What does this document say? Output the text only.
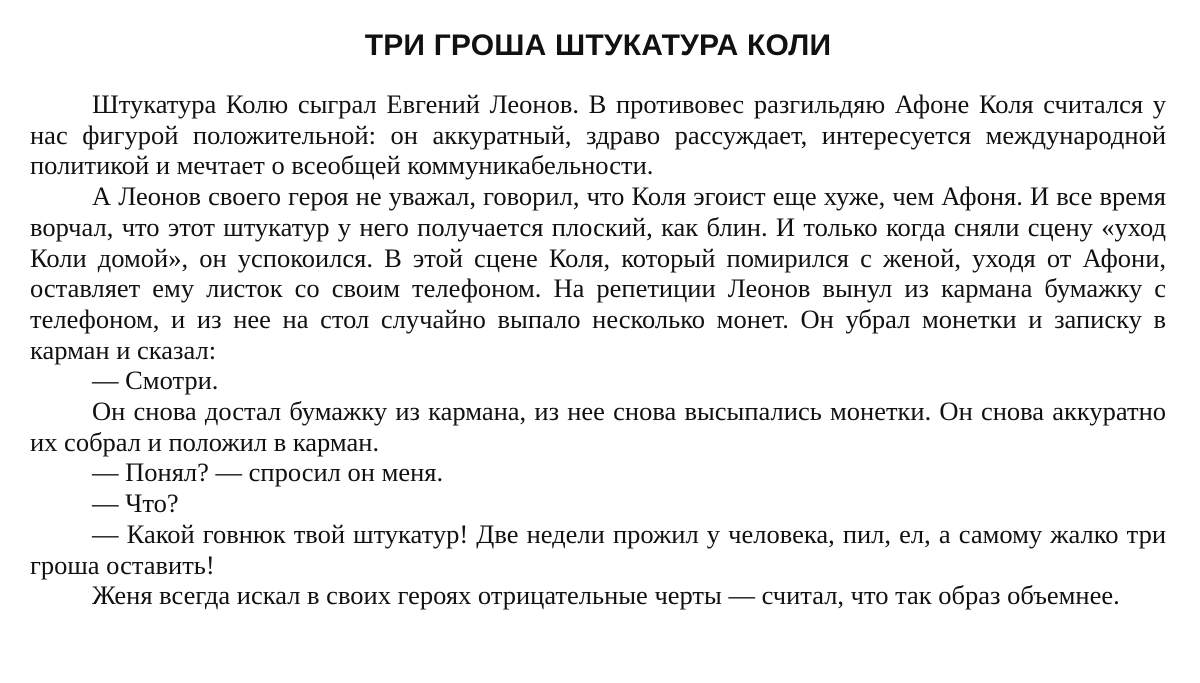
ТРИ ГРОША ШТУКАТУРА КОЛИ

Штукатура Колю сыграл Евгений Леонов. В противовес разгильдяю Афоне Коля считался у нас фигурой положительной: он аккуратный, здраво рассуждает, интересуется международной политикой и мечтает о всеобщей коммуникабельности.

А Леонов своего героя не уважал, говорил, что Коля эгоист еще хуже, чем Афоня. И все время ворчал, что этот штукатур у него получается плоский, как блин. И только когда сняли сцену «уход Коли домой», он успокоился. В этой сцене Коля, который помирился с женой, уходя от Афони, оставляет ему листок со своим телефоном. На репетиции Леонов вынул из кармана бумажку с телефоном, и из нее на стол случайно выпало несколько монет. Он убрал монетки и записку в карман и сказал:

— Смотри.

Он снова достал бумажку из кармана, из нее снова высыпались монетки. Он снова аккуратно их собрал и положил в карман.

— Понял? — спросил он меня.

— Что?

— Какой говнюк твой штукатур! Две недели прожил у человека, пил, ел, а самому жалко три гроша оставить!

Женя всегда искал в своих героях отрицательные черты — считал, что так образ объемнее.
